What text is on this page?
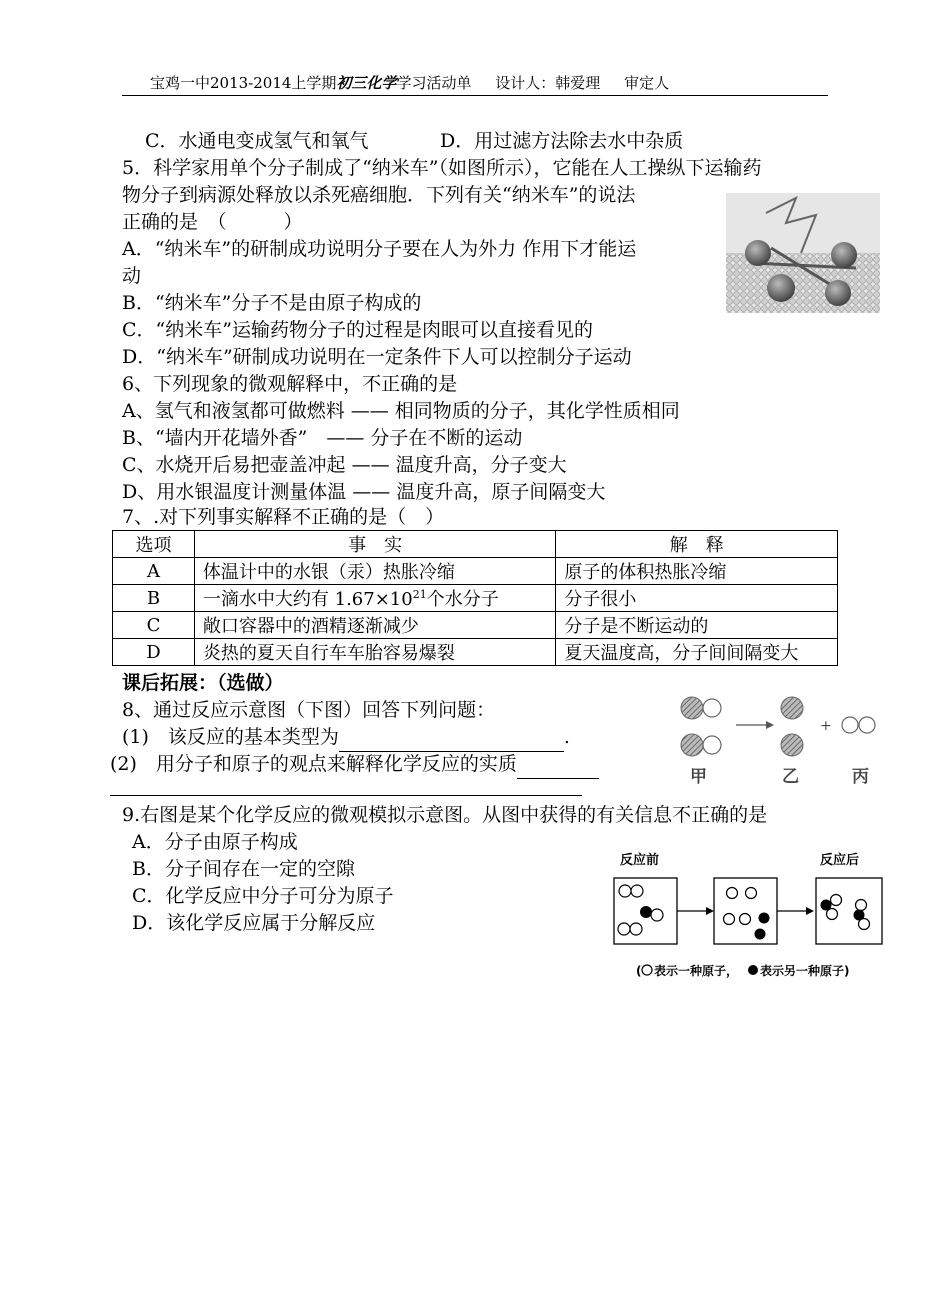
宝鸡一中2013-2014上学期初三化学学习活动单 设计人：韩爱理 审定人
C．水通电变成氢气和氧气	D．用过滤方法除去水中杂质
5．科学家用单个分子制成了“纳米车”（如图所示），它能在人工操纵下运输药
物分子到病源处释放以杀死癌细胞．下列有关“纳米车”的说法
正确的是　（　　　）
A．“纳米车”的研制成功说明分子要在人为外力 作用下才能运
动
B．“纳米车”分子不是由原子构成的
C．“纳米车”运输药物分子的过程是肉眼可以直接看见的
D．“纳米车”研制成功说明在一定条件下人可以控制分子运动
6、下列现象的微观解释中，不正确的是
A、氢气和液氢都可做燃料 —— 相同物质的分子，其化学性质相同
B、“墙内开花墙外香”　—— 分子在不断的运动
C、水烧开后易把壶盖冲起 —— 温度升高，分子变大
D、用水银温度计测量体温 —— 温度升高，原子间隔变大
7、.对下列事实解释不正确的是（　）
选项	事　实	解　释
A	体温计中的水银（汞）热胀冷缩	原子的体积热胀冷缩
B	一滴水中大约有 $1.67\times 10^{21}$个水分子	分子很小
C	敞口容器中的酒精逐渐减少	分子是不断运动的
D	炎热的夏天自行车车胎容易爆裂	夏天温度高，分子间间隔变大
课后拓展：（选做）
8、通过反应示意图（下图）回答下列问题：
(1)　该反应的基本类型为	.
(2)　用分子和原子的观点来解释化学反应的实质
+
甲	乙	丙
9.右图是某个化学反应的微观模拟示意图。从图中获得的有关信息不正确的是
A．分子由原子构成
B．分子间存在一定的空隙
C．化学反应中分子可分为原子
D．该化学反应属于分解反应
反应前	反应后
( 表示一种原子， 表示另一种原子)
